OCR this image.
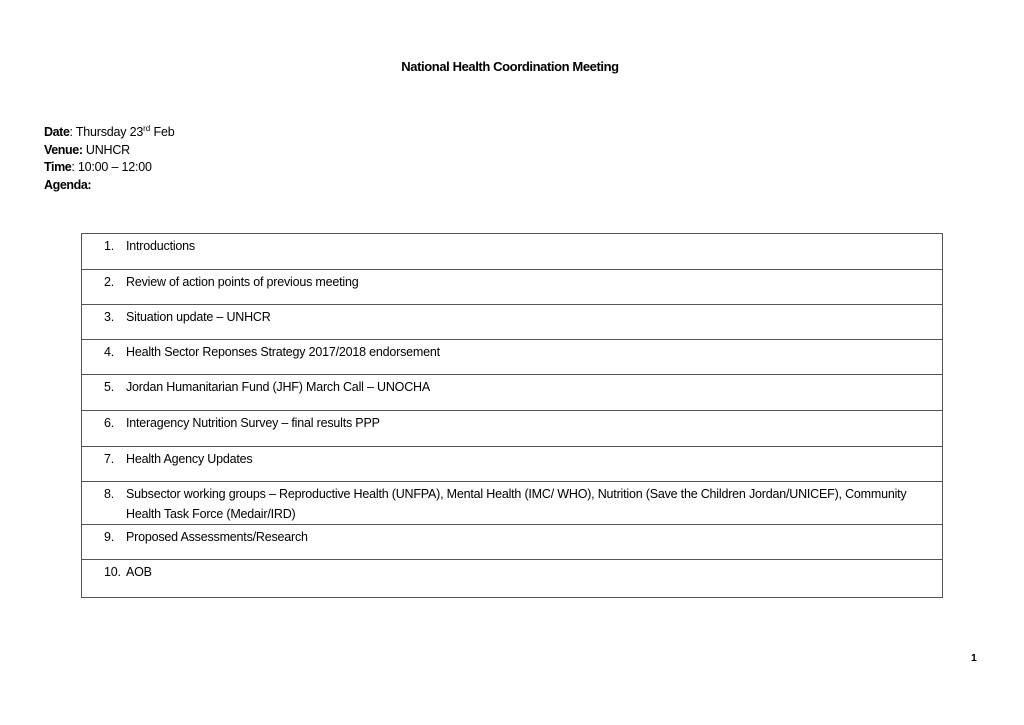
National Health Coordination Meeting
Date: Thursday 23rd Feb
Venue: UNHCR
Time: 10:00 – 12:00
Agenda:
1. Introductions

2. Review of action points of previous meeting

3. Situation update – UNHCR

4. Health Sector Reponses Strategy 2017/2018 endorsement

5. Jordan Humanitarian Fund (JHF) March Call – UNOCHA

6. Interagency Nutrition Survey – final results PPP

7. Health Agency Updates

8. Subsector working groups – Reproductive Health (UNFPA), Mental Health (IMC/ WHO), Nutrition (Save the Children Jordan/UNICEF), Community Health Task Force (Medair/IRD)

9. Proposed Assessments/Research

10. AOB
1
